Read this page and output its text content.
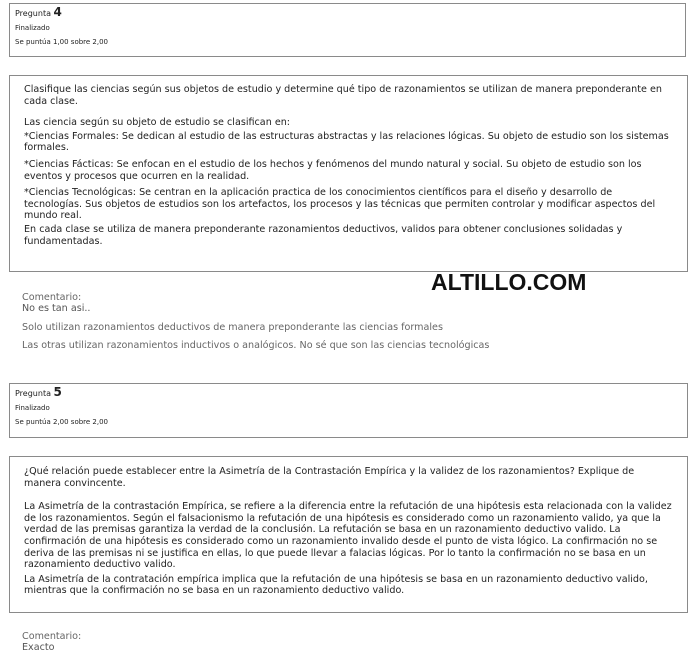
Pregunta 4
Finalizado
Se puntúa 1,00 sobre 2,00

Clasifique las ciencias según sus objetos de estudio y determine qué tipo de razonamientos se utilizan de manera preponderante en cada clase.

Las ciencia según su objeto de estudio se clasifican en:

*Ciencias Formales: Se dedican al estudio de las estructuras abstractas y las relaciones lógicas. Su objeto de estudio son los sistemas formales.

*Ciencias Fácticas: Se enfocan en el estudio de los hechos y fenómenos del mundo natural y social. Su objeto de estudio son los eventos y procesos que ocurren en la realidad.

*Ciencias Tecnológicas: Se centran en la aplicación practica de los conocimientos científicos para el diseño y desarrollo de tecnologías. Sus objetos de estudios son los artefactos, los procesos y las técnicas que permiten controlar y modificar aspectos del mundo real.

En cada clase se utiliza de manera preponderante razonamientos deductivos, validos para obtener conclusiones solidadas y fundamentadas.

ALTILLO.COM
Comentario:
No es tan asi..
Solo utilizan razonamientos deductivos de manera preponderante las ciencias formales
Las otras utilizan razonamientos inductivos o analógicos. No sé que son las ciencias tecnológicas
Pregunta 5
Finalizado
Se puntúa 2,00 sobre 2,00

¿Qué relación puede establecer entre la Asimetría de la Contrastación Empírica y la validez de los razonamientos? Explique de manera convincente.

La Asimetría de la contrastación Empírica, se refiere a la diferencia entre la refutación de una hipótesis esta relacionada con la validez de los razonamientos. Según el falsacionismo la refutación de una hipótesis es considerado como un razonamiento valido, ya que la verdad de las premisas garantiza la verdad de la conclusión. La refutación se basa en un razonamiento deductivo valido. La confirmación de una hipótesis es considerado como un razonamiento invalido desde el punto de vista lógico. La confirmación no se deriva de las premisas ni se justifica en ellas, lo que puede llevar a falacias lógicas. Por lo tanto la confirmación no se basa en un razonamiento deductivo valido.

La Asimetría de la contratación empírica implica que la refutación de una hipótesis se basa en un razonamiento deductivo valido, mientras que la confirmación no se basa en un razonamiento deductivo valido.

Comentario:
Exacto
